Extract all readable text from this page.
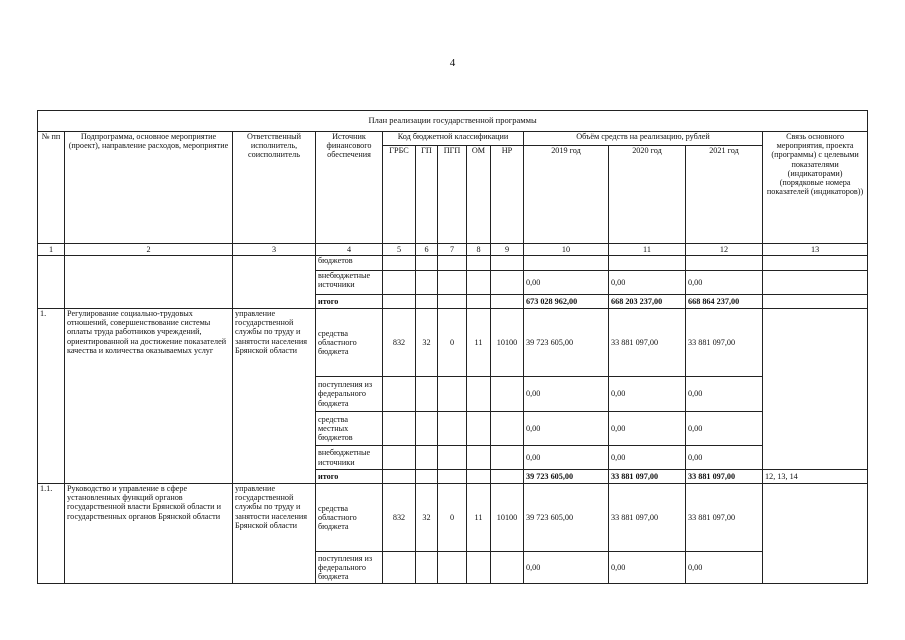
4
План реализации государственной программы												
№ пп	Подпрограмма, основное мероприятие (проект), направление расходов, мероприятие	Ответственный исполнитель, соисполнитель	Источник финансового обеспечения	Код бюджетной классификации					Объём средств на реализацию, рублей			Связь основного мероприятия, проекта (программы) с целевыми показателями (индикаторами) (порядковые номера показателей (индикаторов))
				ГРБС	ГП	ПГП	ОМ	НР	2019 год	2020 год	2021 год	
1	2	3	4	5	6	7	8	9	10	11	12	13
			бюджетов									
			внебюджетные источники						0,00	0,00	0,00	
			итого						673 028 962,00	668 203 237,00	668 864 237,00	
1.	Регулирование социально-трудовых отношений, совершенствование системы оплаты труда работников учреждений, ориентированной на достижение показателей качества и количества оказываемых услуг	управление государственной службы по труду и занятости населения Брянской области	средства областного бюджета	832	32	0	11	10100	39 723 605,00	33 881 097,00	33 881 097,00	
			поступления из федерального бюджета						0,00	0,00	0,00	
			средства местных бюджетов						0,00	0,00	0,00	
			внебюджетные источники						0,00	0,00	0,00	
			итого						39 723 605,00	33 881 097,00	33 881 097,00	12, 13, 14
1.1.	Руководство и управление в сфере установленных функций органов государственной власти Брянской области и государственных органов Брянской области	управление государственной службы по труду и занятости населения Брянской области	средства областного бюджета	832	32	0	11	10100	39 723 605,00	33 881 097,00	33 881 097,00	
			поступления из федерального бюджета						0,00	0,00	0,00	
